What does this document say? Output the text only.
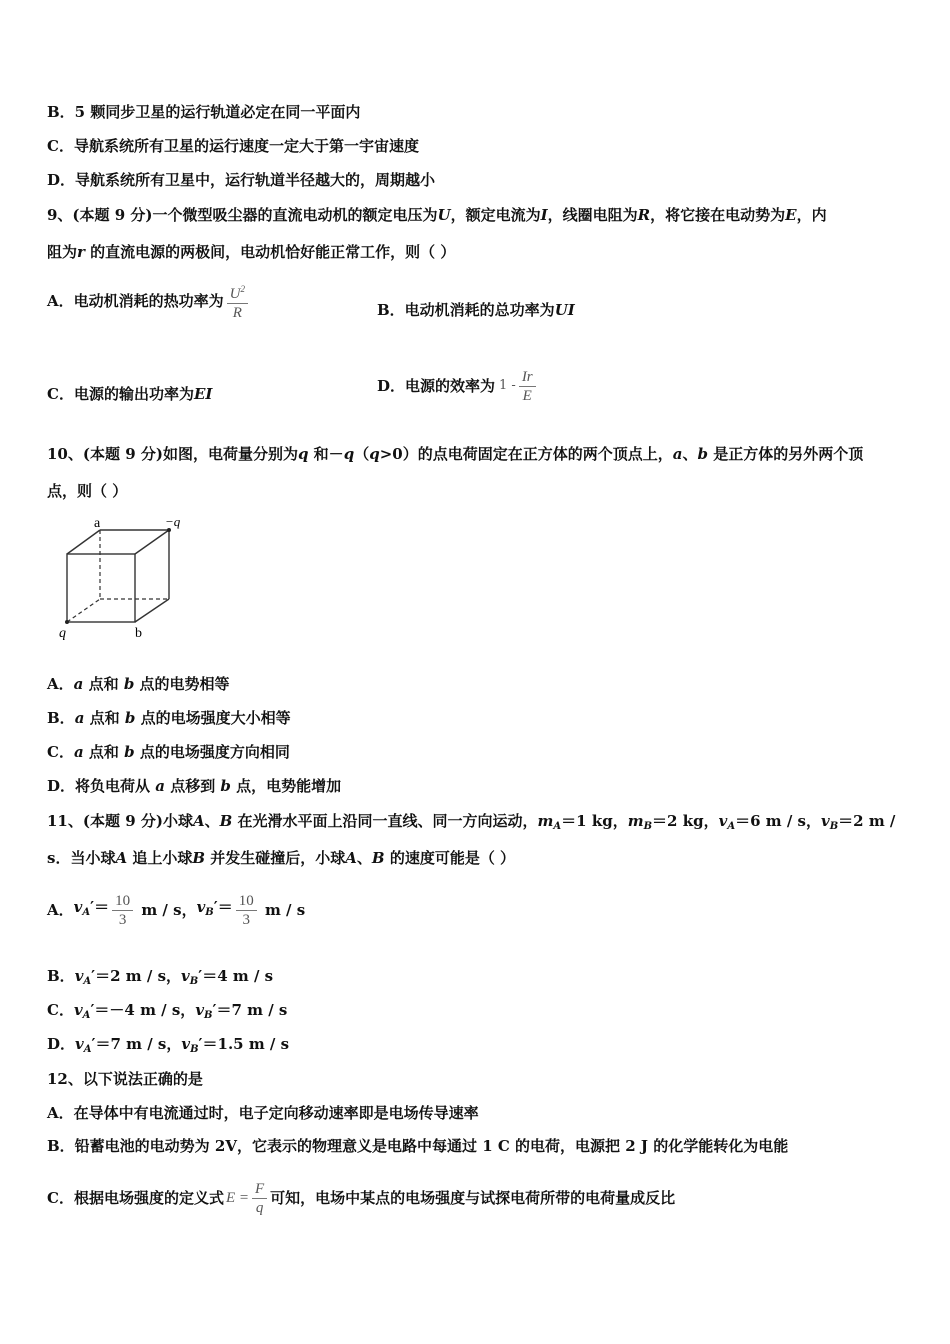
B．5 颗同步卫星的运行轨道必定在同一平面内
C．导航系统所有卫星的运行速度一定大于第一宇宙速度
D．导航系统所有卫星中，运行轨道半径越大的，周期越小
9、(本题 9 分)一个微型吸尘器的直流电动机的额定电压为U，额定电流为I，线圈电阻为R，将它接在电动势为E，内
阻为r 的直流电源的两极间，电动机恰好能正常工作，则（ ）
A．电动机消耗的热功率为 $\frac{U^2}{R}$	B．电动机消耗的总功率为UI
C．电源的输出功率为EI	D．电源的效率为 $1 - \frac{Ir}{E}$
10、(本题 9 分)如图，电荷量分别为q 和－q（q>0）的点电荷固定在正方体的两个顶点上，a、b 是正方体的另外两个顶
点，则（ ）
a	−q
q	b
A．a 点和 b 点的电势相等
B．a 点和 b 点的电场强度大小相等
C．a 点和 b 点的电场强度方向相同
D．将负电荷从 a 点移到 b 点，电势能增加
11、(本题 9 分)小球A、B 在光滑水平面上沿同一直线、同一方向运动，$m_A=1$ kg，$m_B=2$ kg，$v_A=6$ m / s，$v_B=2$ m /
s．当小球A 追上小球B 并发生碰撞后，小球A、B 的速度可能是（ ）
A．$v_A'= \frac{10}{3}$ m / s，$v_B'= \frac{10}{3}$ m / s
B．$v_A'=2$ m / s，$v_B'=4$ m / s
C．$v_A'=-4$ m / s，$v_B'=7$ m / s
D．$v_A'=7$ m / s，$v_B'=1.5$ m / s
12、以下说法正确的是
A．在导体中有电流通过时，电子定向移动速率即是电场传导速率
B．铅蓄电池的电动势为 2V，它表示的物理意义是电路中每通过 1 C 的电荷，电源把 2 J 的化学能转化为电能
C．根据电场强度的定义式 $E = \frac{F}{q}$ 可知，电场中某点的电场强度与试探电荷所带的电荷量成反比
